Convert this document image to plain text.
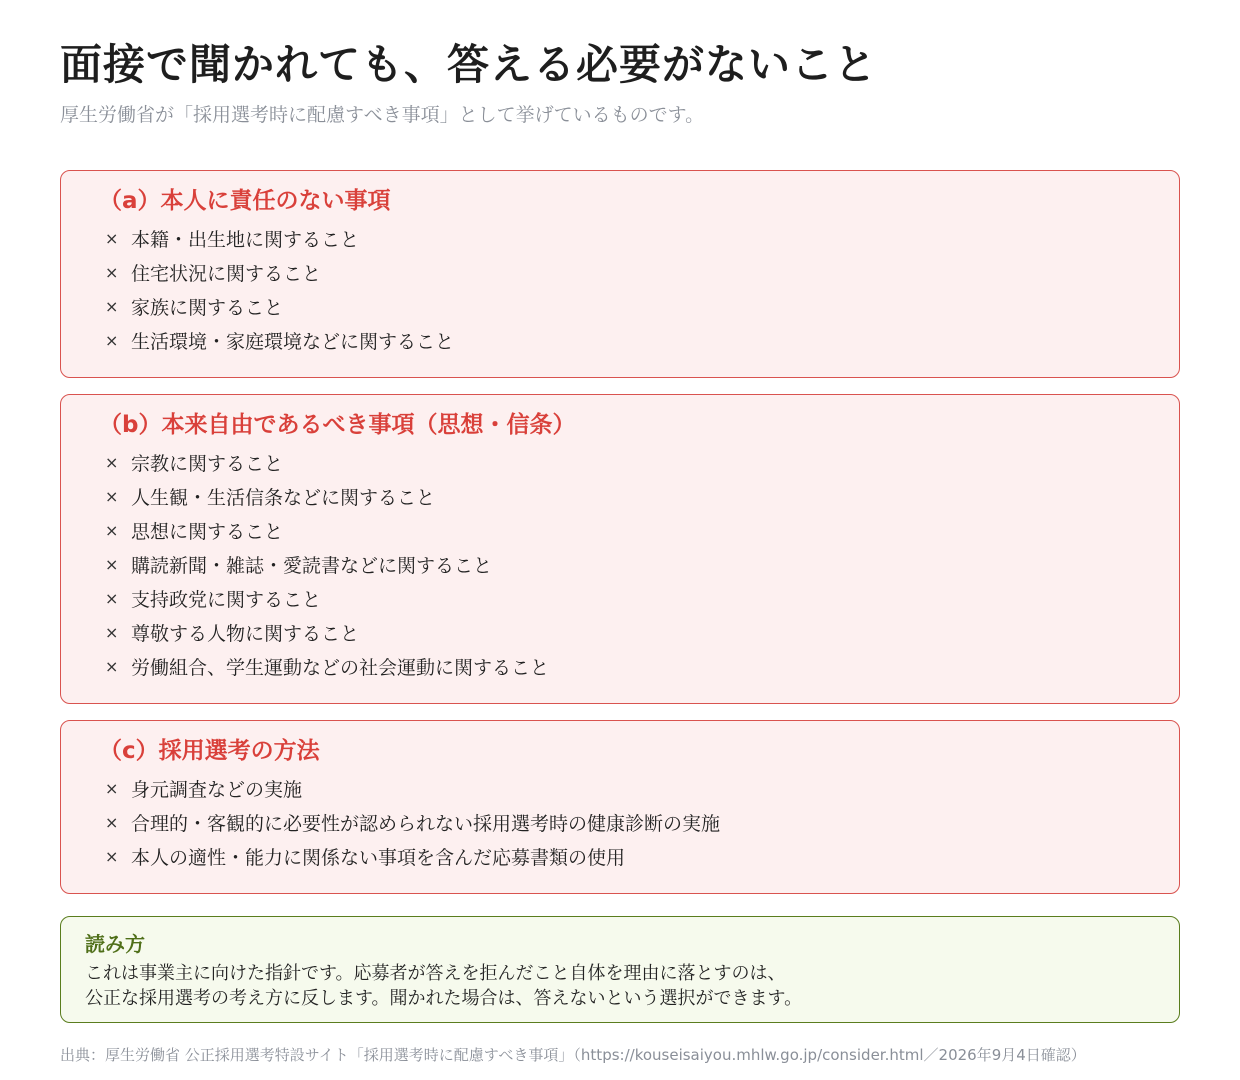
面接で聞かれても、答える必要がないこと

厚生労働省が「採用選考時に配慮すべき事項」として挙げているものです。

（a）本人に責任のない事項
× 本籍・出生地に関すること
× 住宅状況に関すること
× 家族に関すること
× 生活環境・家庭環境などに関すること
（b）本来自由であるべき事項（思想・信条）
× 宗教に関すること
× 人生観・生活信条などに関すること
× 思想に関すること
× 購読新聞・雑誌・愛読書などに関すること
× 支持政党に関すること
× 尊敬する人物に関すること
× 労働組合、学生運動などの社会運動に関すること
（c）採用選考の方法
× 身元調査などの実施
× 合理的・客観的に必要性が認められない採用選考時の健康診断の実施
× 本人の適性・能力に関係ない事項を含んだ応募書類の使用
読み方
これは事業主に向けた指針です。応募者が答えを拒んだこと自体を理由に落とすのは、
公正な採用選考の考え方に反します。聞かれた場合は、答えないという選択ができます。
出典：厚生労働省 公正採用選考特設サイト「採用選考時に配慮すべき事項」（https://kouseisaiyou.mhlw.go.jp/consider.html／2026年9月4日確認）
